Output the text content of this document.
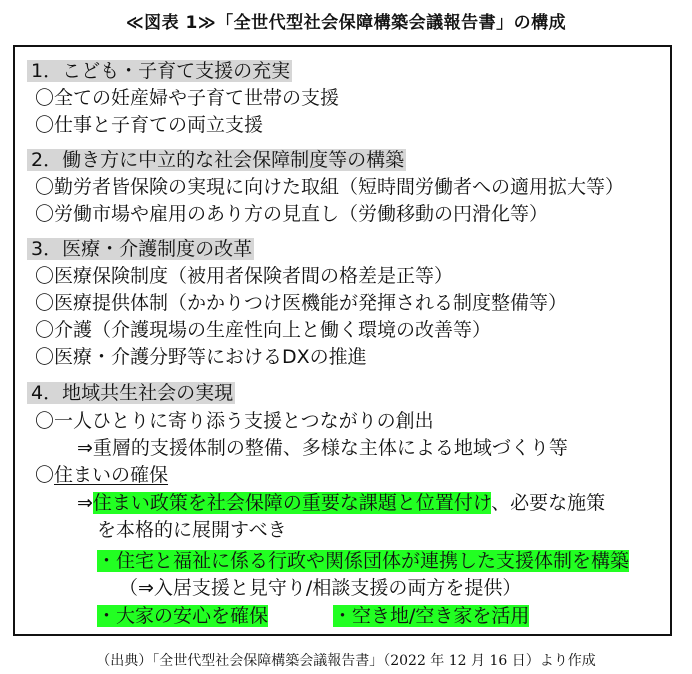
≪図表 1≫「全世代型社会保障構築会議報告書」の構成
1．こども・子育て支援の充実
〇全ての妊産婦や子育て世帯の支援
〇仕事と子育ての両立支援
2．働き方に中立的な社会保障制度等の構築
〇勤労者皆保険の実現に向けた取組（短時間労働者への適用拡大等）
〇労働市場や雇用のあり方の見直し（労働移動の円滑化等）
3．医療・介護制度の改革
〇医療保険制度（被用者保険者間の格差是正等）
〇医療提供体制（かかりつけ医機能が発揮される制度整備等）
〇介護（介護現場の生産性向上と働く環境の改善等）
〇医療・介護分野等におけるDXの推進
4．地域共生社会の実現
〇一人ひとりに寄り添う支援とつながりの創出
⇒重層的支援体制の整備、多様な主体による地域づくり等
〇住まいの確保
⇒住まい政策を社会保障の重要な課題と位置付け、必要な施策
を本格的に展開すべき
・住宅と福祉に係る行政や関係団体が連携した支援体制を構築
（⇒入居支援と見守り/相談支援の両方を提供）
・大家の安心を確保	・空き地/空き家を活用
（出典）「全世代型社会保障構築会議報告書」（2022 年 12 月 16 日）より作成
